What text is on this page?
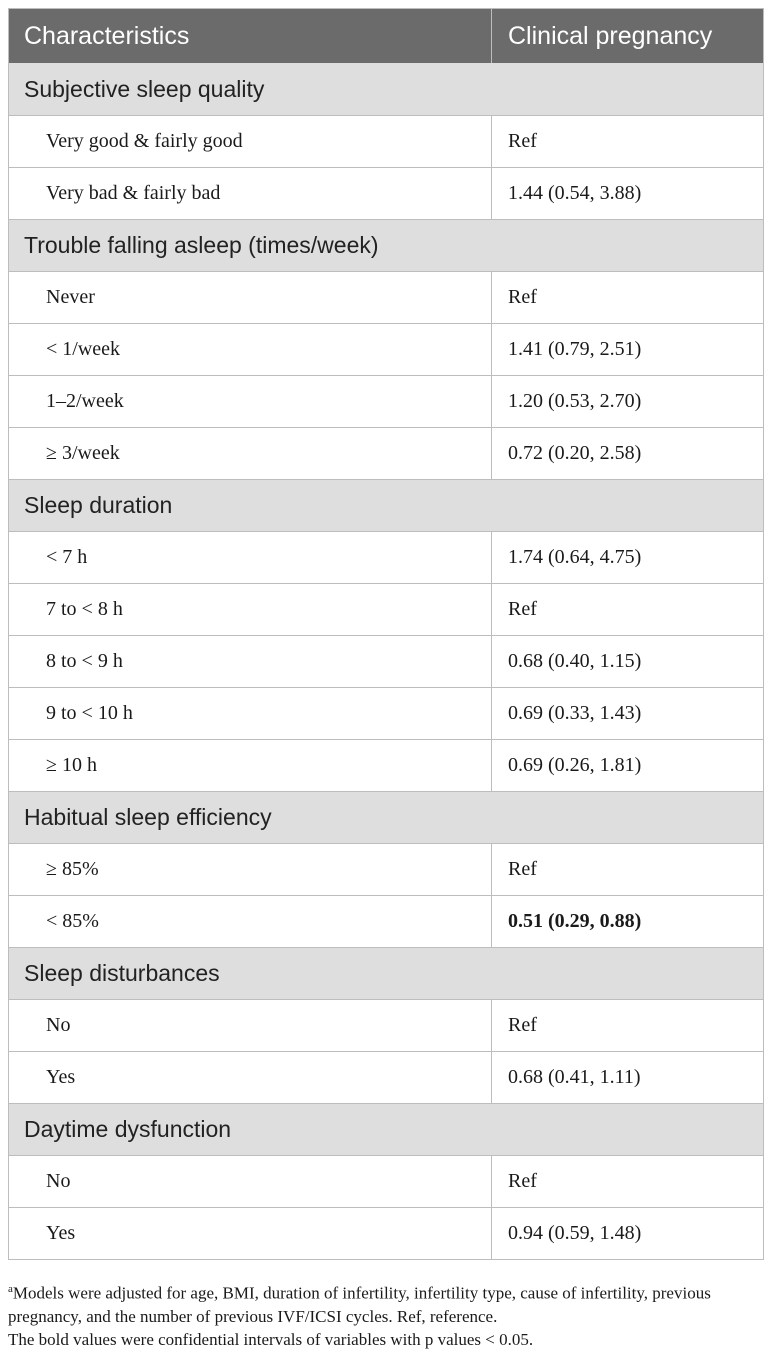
Characteristics	Clinical pregnancy
Subjective sleep quality
Very good & fairly good	Ref
Very bad & fairly bad	1.44 (0.54, 3.88)
Trouble falling asleep (times/week)
Never	Ref
< 1/week	1.41 (0.79, 2.51)
1–2/week	1.20 (0.53, 2.70)
≥ 3/week	0.72 (0.20, 2.58)
Sleep duration
< 7 h	1.74 (0.64, 4.75)
7 to < 8 h	Ref
8 to < 9 h	0.68 (0.40, 1.15)
9 to < 10 h	0.69 (0.33, 1.43)
≥ 10 h	0.69 (0.26, 1.81)
Habitual sleep efficiency
≥ 85%	Ref
< 85%	0.51 (0.29, 0.88)
Sleep disturbances
No	Ref
Yes	0.68 (0.41, 1.11)
Daytime dysfunction
No	Ref
Yes	0.94 (0.59, 1.48)
$^a$Models were adjusted for age, BMI, duration of infertility, infertility type, cause of infertility, previous pregnancy, and the number of previous IVF/ICSI cycles. Ref, reference.
The bold values were confidential intervals of variables with p values < 0.05.
